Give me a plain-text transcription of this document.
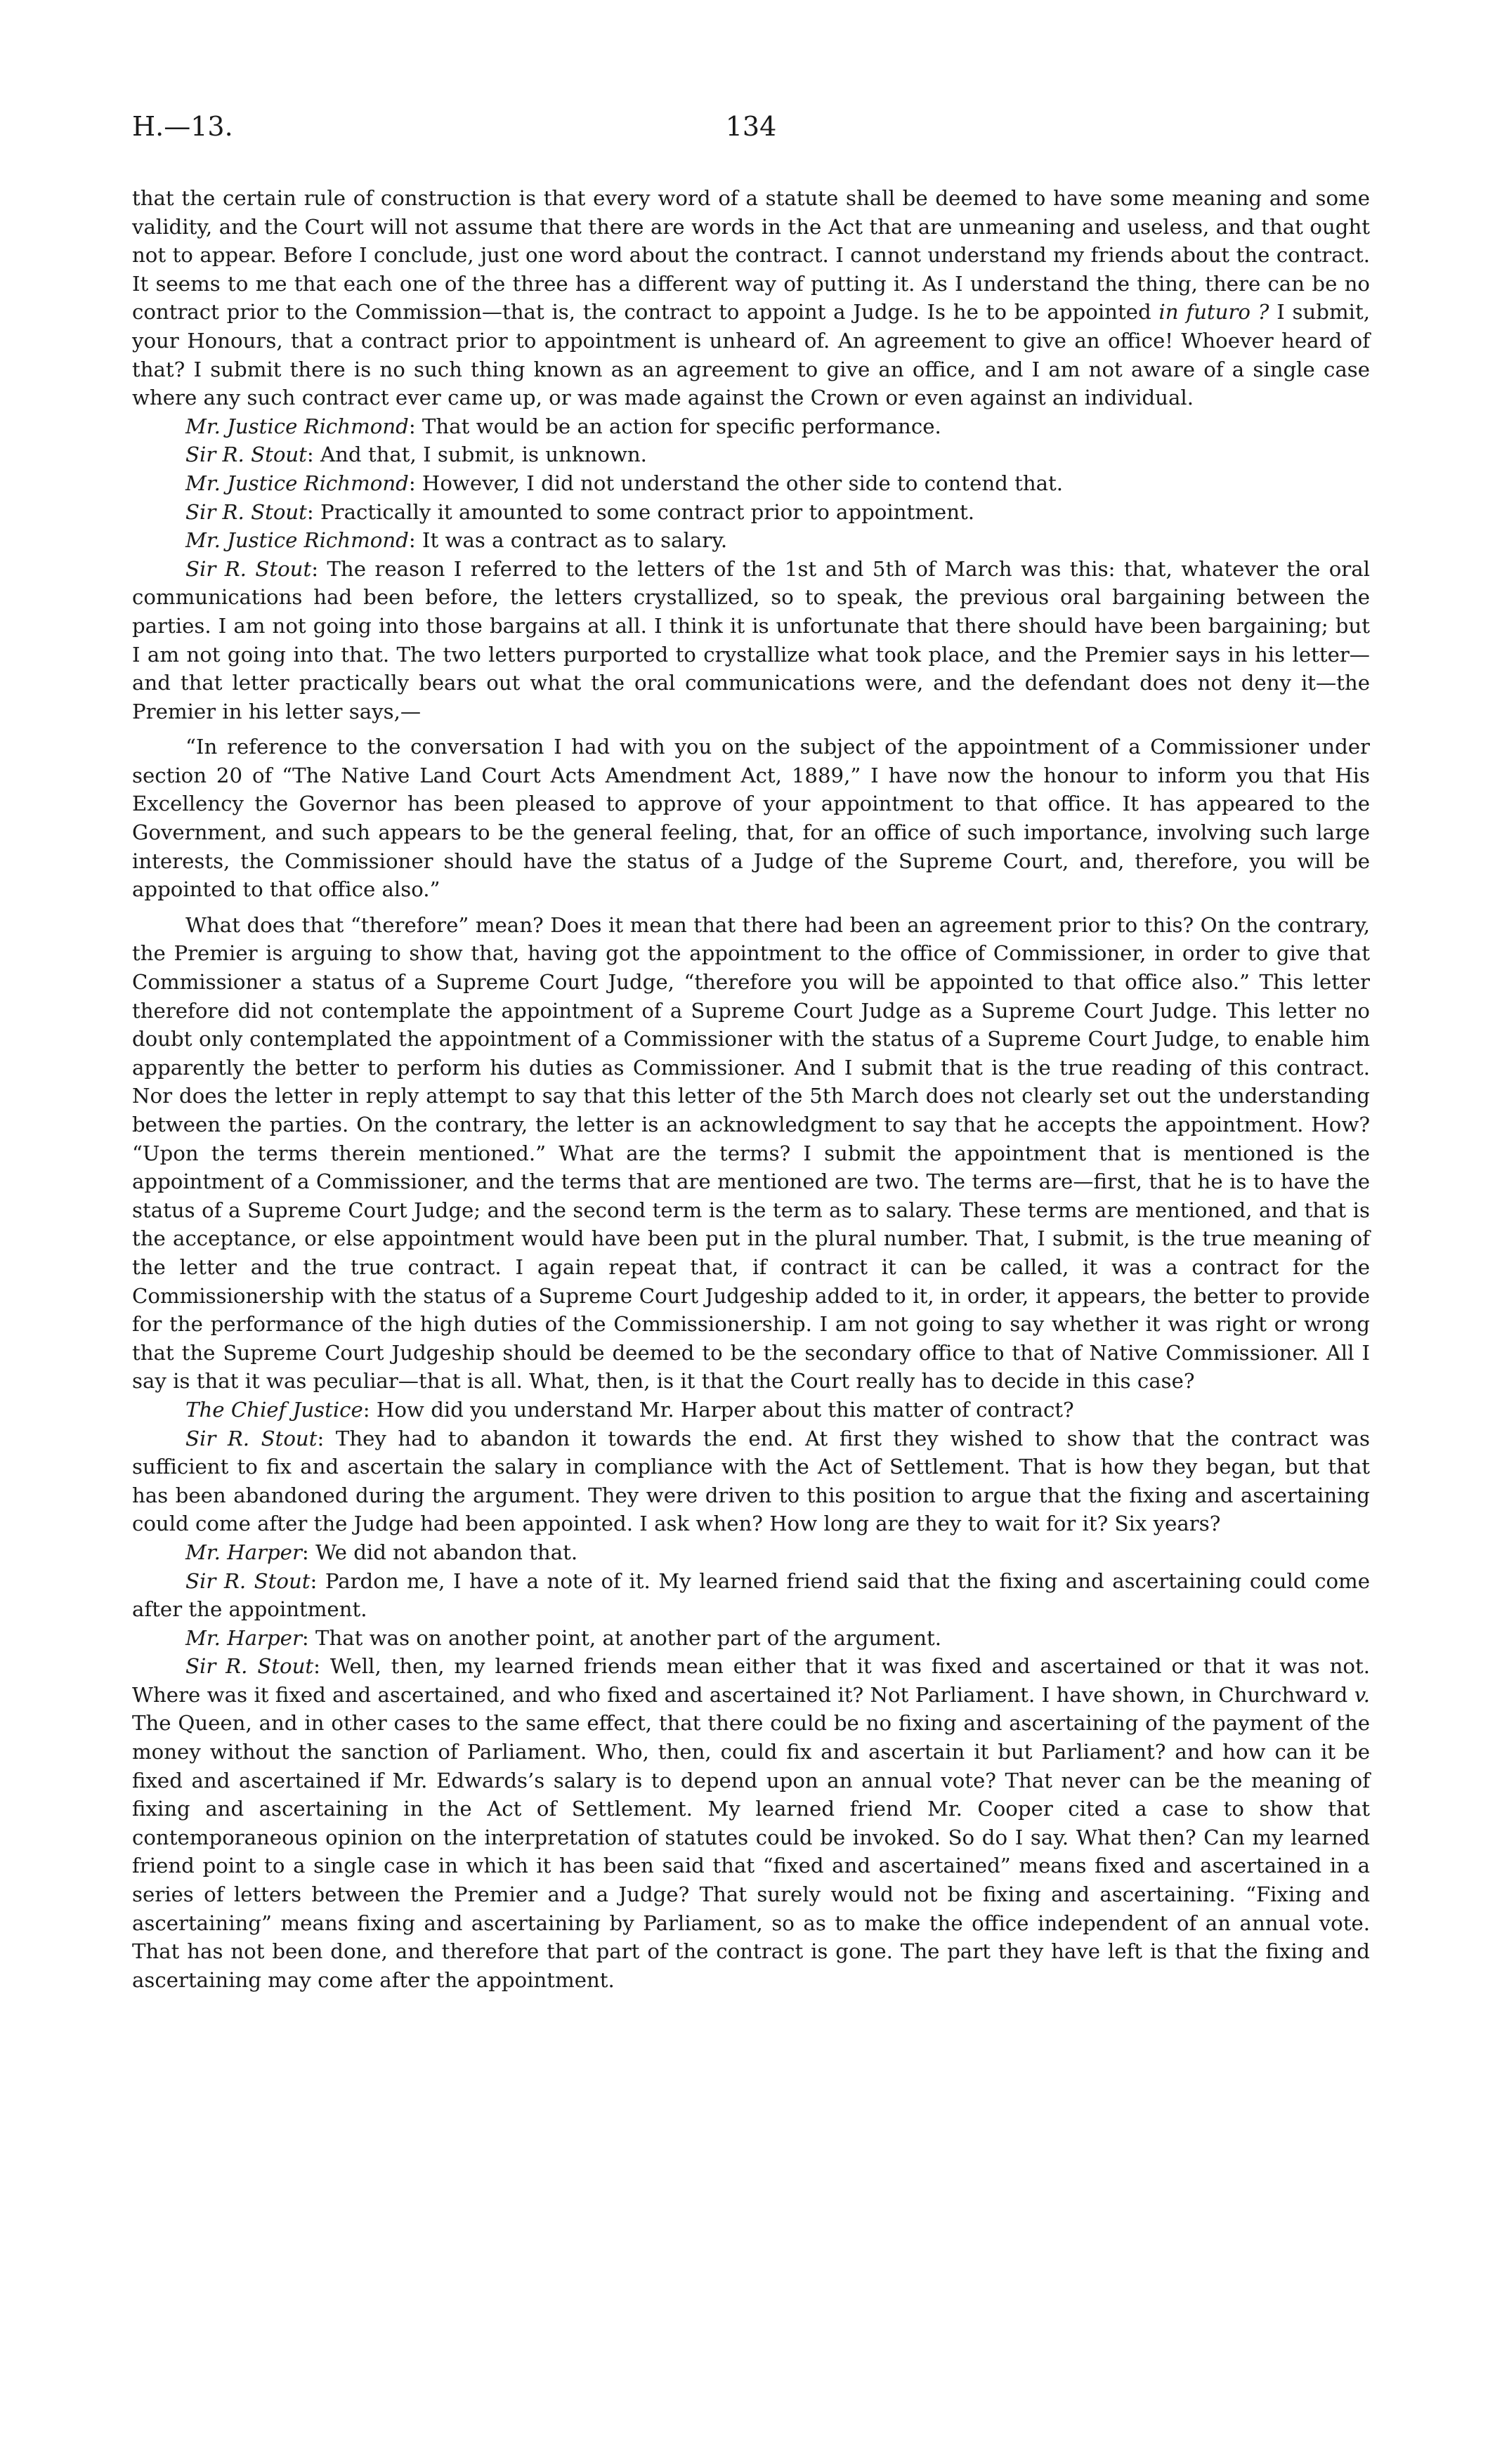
H.—13.	134

that the certain rule of construction is that every word of a statute shall be deemed to have some meaning and some validity, and the Court will not assume that there are words in the Act that are unmeaning and useless, and that ought not to appear. Before I conclude, just one word about the contract. I cannot understand my friends about the contract. It seems to me that each one of the three has a different way of putting it. As I understand the thing, there can be no contract prior to the Commission—that is, the contract to appoint a Judge. Is he to be appointed in futuro ? I submit, your Honours, that a contract prior to appointment is unheard of. An agreement to give an office! Whoever heard of that? I submit there is no such thing known as an agreement to give an office, and I am not aware of a single case where any such contract ever came up, or was made against the Crown or even against an individual.

Mr. Justice Richmond: That would be an action for specific performance.

Sir R. Stout: And that, I submit, is unknown.

Mr. Justice Richmond: However, I did not understand the other side to contend that.

Sir R. Stout: Practically it amounted to some contract prior to appointment.

Mr. Justice Richmond: It was a contract as to salary.

Sir R. Stout: The reason I referred to the letters of the 1st and 5th of March was this: that, whatever the oral communications had been before, the letters crystallized, so to speak, the previous oral bargaining between the parties. I am not going into those bargains at all. I think it is unfortunate that there should have been bargaining; but I am not going into that. The two letters purported to crystallize what took place, and the Premier says in his letter—and that letter practically bears out what the oral communications were, and the defendant does not deny it—the Premier in his letter says,—

“In reference to the conversation I had with you on the subject of the appointment of a Commissioner under section 20 of “The Native Land Court Acts Amendment Act, 1889,” I have now the honour to inform you that His Excellency the Governor has been pleased to approve of your appointment to that office. It has appeared to the Government, and such appears to be the general feeling, that, for an office of such importance, involving such large interests, the Commissioner should have the status of a Judge of the Supreme Court, and, therefore, you will be appointed to that office also.”

What does that “therefore” mean? Does it mean that there had been an agreement prior to this? On the contrary, the Premier is arguing to show that, having got the appointment to the office of Commissioner, in order to give that Commissioner a status of a Supreme Court Judge, “therefore you will be appointed to that office also.” This letter therefore did not contemplate the appointment of a Supreme Court Judge as a Supreme Court Judge. This letter no doubt only contemplated the appointment of a Commissioner with the status of a Supreme Court Judge, to enable him apparently the better to perform his duties as Commissioner. And I submit that is the true reading of this contract. Nor does the letter in reply attempt to say that this letter of the 5th March does not clearly set out the understanding between the parties. On the contrary, the letter is an acknowledgment to say that he accepts the appointment. How? “Upon the terms therein mentioned.” What are the terms? I submit the appointment that is mentioned is the appointment of a Commissioner, and the terms that are mentioned are two. The terms are—first, that he is to have the status of a Supreme Court Judge; and the second term is the term as to salary. These terms are mentioned, and that is the acceptance, or else appointment would have been put in the plural number. That, I submit, is the true meaning of the letter and the true contract. I again repeat that, if contract it can be called, it was a contract for the Commissionership with the status of a Supreme Court Judgeship added to it, in order, it appears, the better to provide for the performance of the high duties of the Commissionership. I am not going to say whether it was right or wrong that the Supreme Court Judgeship should be deemed to be the secondary office to that of Native Commissioner. All I say is that it was peculiar—that is all. What, then, is it that the Court really has to decide in this case?

The Chief Justice: How did you understand Mr. Harper about this matter of contract?

Sir R. Stout: They had to abandon it towards the end. At first they wished to show that the contract was sufficient to fix and ascertain the salary in compliance with the Act of Settlement. That is how they began, but that has been abandoned during the argument. They were driven to this position to argue that the fixing and ascertaining could come after the Judge had been appointed. I ask when? How long are they to wait for it? Six years?

Mr. Harper: We did not abandon that.

Sir R. Stout: Pardon me, I have a note of it. My learned friend said that the fixing and ascertaining could come after the appointment.

Mr. Harper: That was on another point, at another part of the argument.

Sir R. Stout: Well, then, my learned friends mean either that it was fixed and ascertained or that it was not. Where was it fixed and ascertained, and who fixed and ascertained it? Not Parliament. I have shown, in Churchward v. The Queen, and in other cases to the same effect, that there could be no fixing and ascertaining of the payment of the money without the sanction of Parliament. Who, then, could fix and ascertain it but Parliament? and how can it be fixed and ascertained if Mr. Edwards’s salary is to depend upon an annual vote? That never can be the meaning of fixing and ascertaining in the Act of Settlement. My learned friend Mr. Cooper cited a case to show that contemporaneous opinion on the interpretation of statutes could be invoked. So do I say. What then? Can my learned friend point to a single case in which it has been said that “fixed and ascertained” means fixed and ascertained in a series of letters between the Premier and a Judge? That surely would not be fixing and ascertaining. “Fixing and ascertaining” means fixing and ascertaining by Parliament, so as to make the office independent of an annual vote. That has not been done, and therefore that part of the contract is gone. The part they have left is that the fixing and ascertaining may come after the appointment.
